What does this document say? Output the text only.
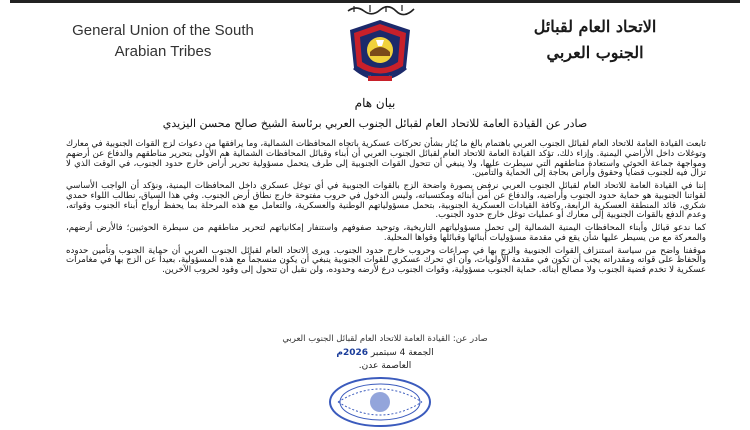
General Union of the South
Arabian Tribes
الاتحاد العام لقبائل
الجنوب العربي
بيان هام
صادر عن القيادة العامة للاتحاد العام لقبائل الجنوب العربي برئاسة الشيخ صالح محسن اليزيدي

تابعت القيادة العامة للاتحاد العام لقبائل الجنوب العربي باهتمام بالغ ما يُثار بشأن تحركات عسكرية باتجاه المحافظات الشمالية، وما يرافقها من دعوات لزج القوات الجنوبية في معارك وتوغلات داخل الأراضي اليمنية. وإزاء ذلك، تؤكد القيادة العامة للاتحاد العام لقبائل الجنوب العربي أن أبناء وقبائل المحافظات الشمالية هم الأولى بتحرير مناطقهم والدفاع عن أرضهم ومواجهة جماعة الحوثي واستعادة مناطقهم التي سيطرت عليها، ولا ينبغي أن تتحول القوات الجنوبية إلى طرف يتحمل مسؤولية تحرير أراض خارج حدود الجنوب، في الوقت الذي لا تزال فيه للجنوب قضايا وحقوق وأراض بحاجة إلى الحماية والتأمين.

إننا في القيادة العامة للاتحاد العام لقبائل الجنوب العربي نرفض بصورة واضحة الزج بالقوات الجنوبية في أي توغل عسكري داخل المحافظات اليمنية، ونؤكد أن الواجب الأساسي لقواتنا الجنوبية هو حماية حدود الجنوب وأراضيه، والدفاع عن أمن أبنائه ومكتسباته، وليس الدخول في حروب مفتوحة خارج نطاق أرض الجنوب. وفي هذا السياق، نطالب اللواء حمدي شكري، قائد المنطقة العسكرية الرابعة، وكافة القيادات العسكرية الجنوبية، بتحمل مسؤولياتهم الوطنية والعسكرية، والتعامل مع هذه المرحلة بما يحفظ أرواح أبناء الجنوب وقواته، وعدم الدفع بالقوات الجنوبية إلى معارك أو عمليات توغل خارج حدود الجنوب.

كما ندعو قبائل وأبناء المحافظات اليمنية الشمالية إلى تحمل مسؤولياتهم التاريخية، وتوحيد صفوفهم واستنفار إمكانياتهم لتحرير مناطقهم من سيطرة الحوثيين؛ فالأرض أرضهم، والمعركة مع من يسيطر عليها شأن يقع في مقدمة مسؤوليات أبنائها وقبائلها وقواها المحلية.

موقفنا واضح من سياسة استنزاف القوات الجنوبية والزج بها في صراعات وحروب خارج حدود الجنوب. ويرى الاتحاد العام لقبائل الجنوب العربي أن حماية الجنوب وتأمين حدوده والحفاظ على قواته ومقدراته يجب أن تكون في مقدمة الأولويات، وأن أي تحرك عسكري للقوات الجنوبية ينبغي أن يكون منسجماً مع هذه المسؤولية، بعيداً عن الزج بها في مغامرات عسكرية لا تخدم قضية الجنوب ولا مصالح أبنائه. حماية الجنوب مسؤولية، وقوات الجنوب درع لأرضه وحدوده، ولن نقبل أن تتحول إلى وقود لحروب الآخرين.

صادر عن: القيادة العامة للاتحاد العام لقبائل الجنوب العربي
الجمعة 4 سبتمبر 2026م
العاصمة عدن.
